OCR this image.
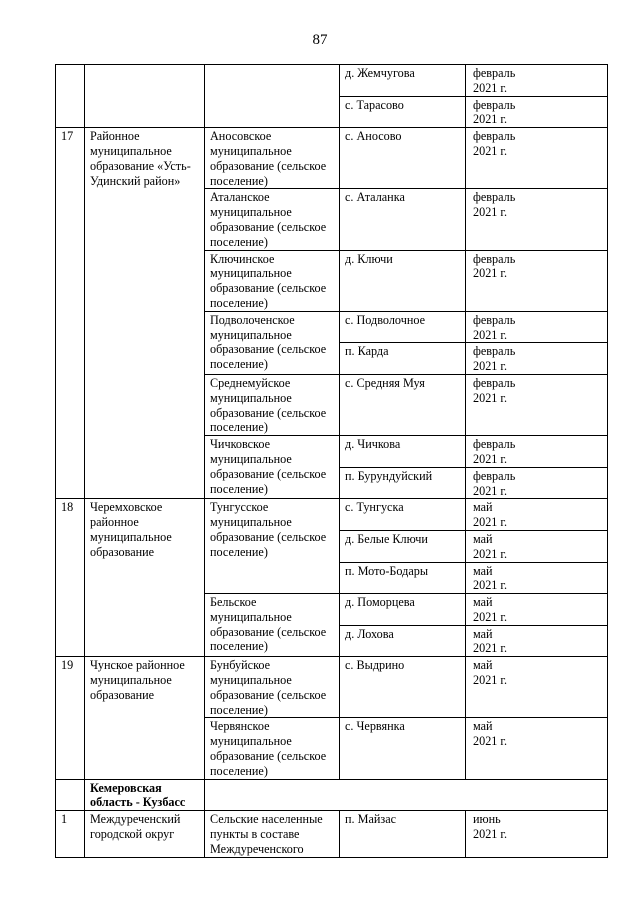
87
			д. Жемчугова	февраль
2021 г.

			с. Тарасово	февраль
2021 г.

17	Районное муниципальное образование «Усть-Удинский район»	Аносовское муниципальное образование (сельское поселение)	с. Аносово	февраль
2021 г.

		Аталанское муниципальное образование (сельское поселение)	с. Аталанка	февраль
2021 г.

		Ключинское муниципальное образование (сельское поселение)	д. Ключи	февраль
2021 г.

		Подволоченское муниципальное образование (сельское поселение)	с. Подволочное	февраль
2021 г.

			п. Карда	февраль
2021 г.

		Среднемуйское муниципальное образование (сельское поселение)	с. Средняя Муя	февраль
2021 г.

		Чичковское муниципальное образование (сельское поселение)	д. Чичкова	февраль
2021 г.

			п. Бурундуйский	февраль
2021 г.

18	Черемховское районное муниципальное образование	Тунгусское муниципальное образование (сельское поселение)	с. Тунгуска	май
2021 г.

			д. Белые Ключи	май
2021 г.

			п. Мото-Бодары	май
2021 г.

		Бельское муниципальное образование (сельское поселение)	д. Поморцева	май
2021 г.

			д. Лохова	май
2021 г.

19	Чунское районное муниципальное образование	Бунбуйское муниципальное образование (сельское поселение)	с. Выдрино	май
2021 г.

		Червянское муниципальное образование (сельское поселение)	с. Червянка	май
2021 г.

	Кемеровская область - Кузбасс			
1	Междуреченский городской округ	Сельские населенные пункты в составе Междуреченского	п. Майзас	июнь
2021 г.
